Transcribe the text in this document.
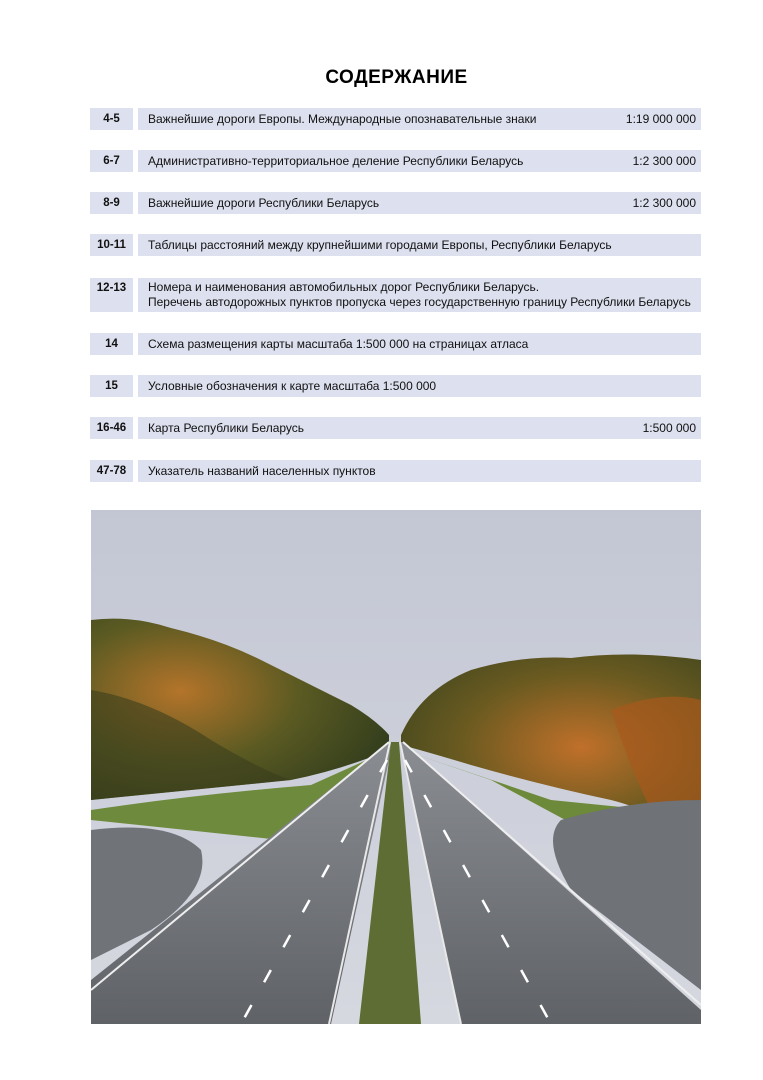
СОДЕРЖАНИЕ
4-5	Важнейшие дороги Европы. Международные опознавательные знаки	1:19 000 000
6-7	Административно-территориальное деление Республики Беларусь	1:2 300 000
8-9	Важнейшие дороги Республики Беларусь	1:2 300 000
10-11	Таблицы расстояний между крупнейшими городами Европы, Республики Беларусь
12-13	Номера и наименования автомобильных дорог Республики Беларусь.
Перечень автодорожных пунктов пропуска через государственную границу Республики Беларусь
14	Схема размещения карты масштаба 1:500 000 на страницах атласа
15	Условные обозначения к карте масштаба 1:500 000
16-46	Карта Республики Беларусь	1:500 000
47-78	Указатель названий населенных пунктов
